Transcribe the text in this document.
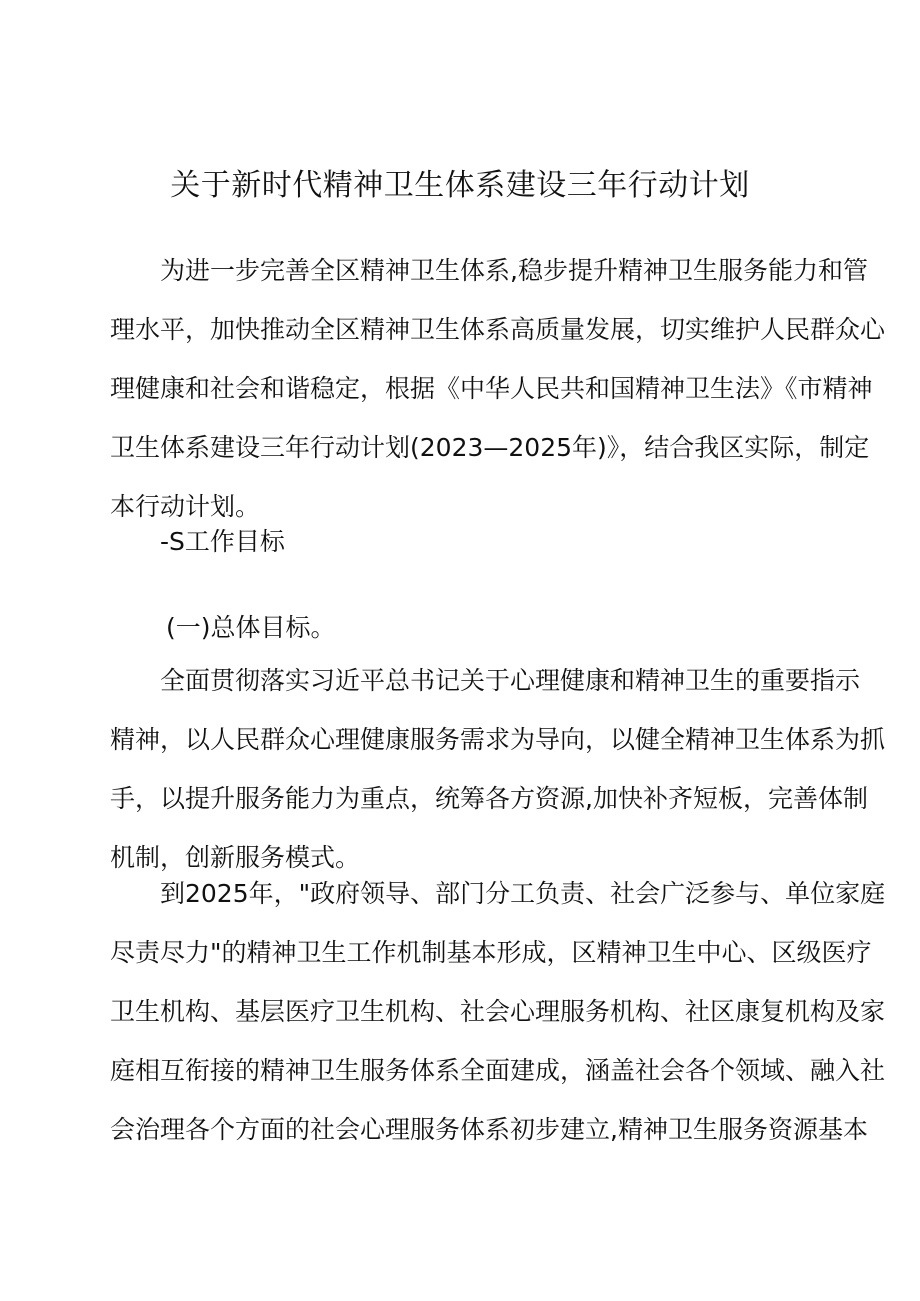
关于新时代精神卫生体系建设三年行动计划
为进一步完善全区精神卫生体系,稳步提升精神卫生服务能力和管
理水平，加快推动全区精神卫生体系高质量发展，切实维护人民群众心
理健康和社会和谐稳定，根据《中华人民共和国精神卫生法》《市精神
卫生体系建设三年行动计划(2023—2025年)》，结合我区实际，制定
本行动计划。
-S工作目标
(一)总体目标。
全面贯彻落实习近平总书记关于心理健康和精神卫生的重要指示
精神，以人民群众心理健康服务需求为导向，以健全精神卫生体系为抓
手，以提升服务能力为重点，统筹各方资源,加快补齐短板，完善体制
机制，创新服务模式。
到2025年，"政府领导、部门分工负责、社会广泛参与、单位家庭
尽责尽力"的精神卫生工作机制基本形成，区精神卫生中心、区级医疗
卫生机构、基层医疗卫生机构、社会心理服务机构、社区康复机构及家
庭相互衔接的精神卫生服务体系全面建成，涵盖社会各个领域、融入社
会治理各个方面的社会心理服务体系初步建立,精神卫生服务资源基本
